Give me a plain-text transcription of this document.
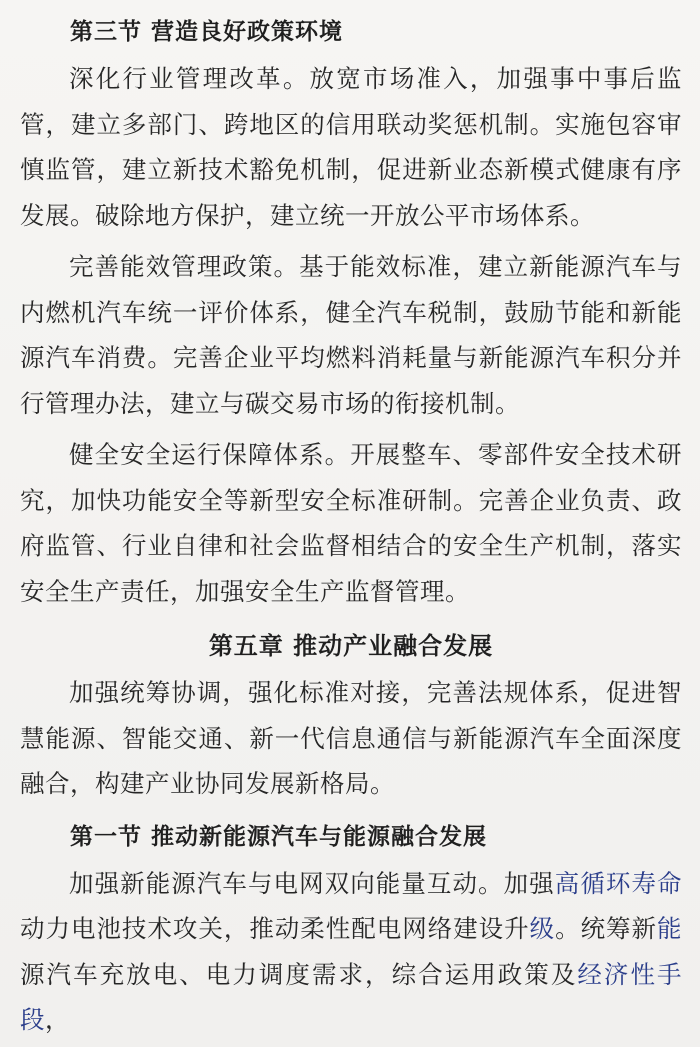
第三节 营造良好政策环境

深化行业管理改革。放宽市场准入，加强事中事后监管，建立多部门、跨地区的信用联动奖惩机制。实施包容审慎监管，建立新技术豁免机制，促进新业态新模式健康有序发展。破除地方保护，建立统一开放公平市场体系。

完善能效管理政策。基于能效标准，建立新能源汽车与内燃机汽车统一评价体系，健全汽车税制，鼓励节能和新能源汽车消费。完善企业平均燃料消耗量与新能源汽车积分并行管理办法，建立与碳交易市场的衔接机制。

健全安全运行保障体系。开展整车、零部件安全技术研究，加快功能安全等新型安全标准研制。完善企业负责、政府监管、行业自律和社会监督相结合的安全生产机制，落实安全生产责任，加强安全生产监督管理。

第五章 推动产业融合发展

加强统筹协调，强化标准对接，完善法规体系，促进智慧能源、智能交通、新一代信息通信与新能源汽车全面深度融合，构建产业协同发展新格局。

第一节 推动新能源汽车与能源融合发展

加强新能源汽车与电网双向能量互动。加强高循环寿命动力电池技术攻关，推动柔性配电网络建设升级。统筹新能源汽车充放电、电力调度需求，综合运用政策及经济性手段，
